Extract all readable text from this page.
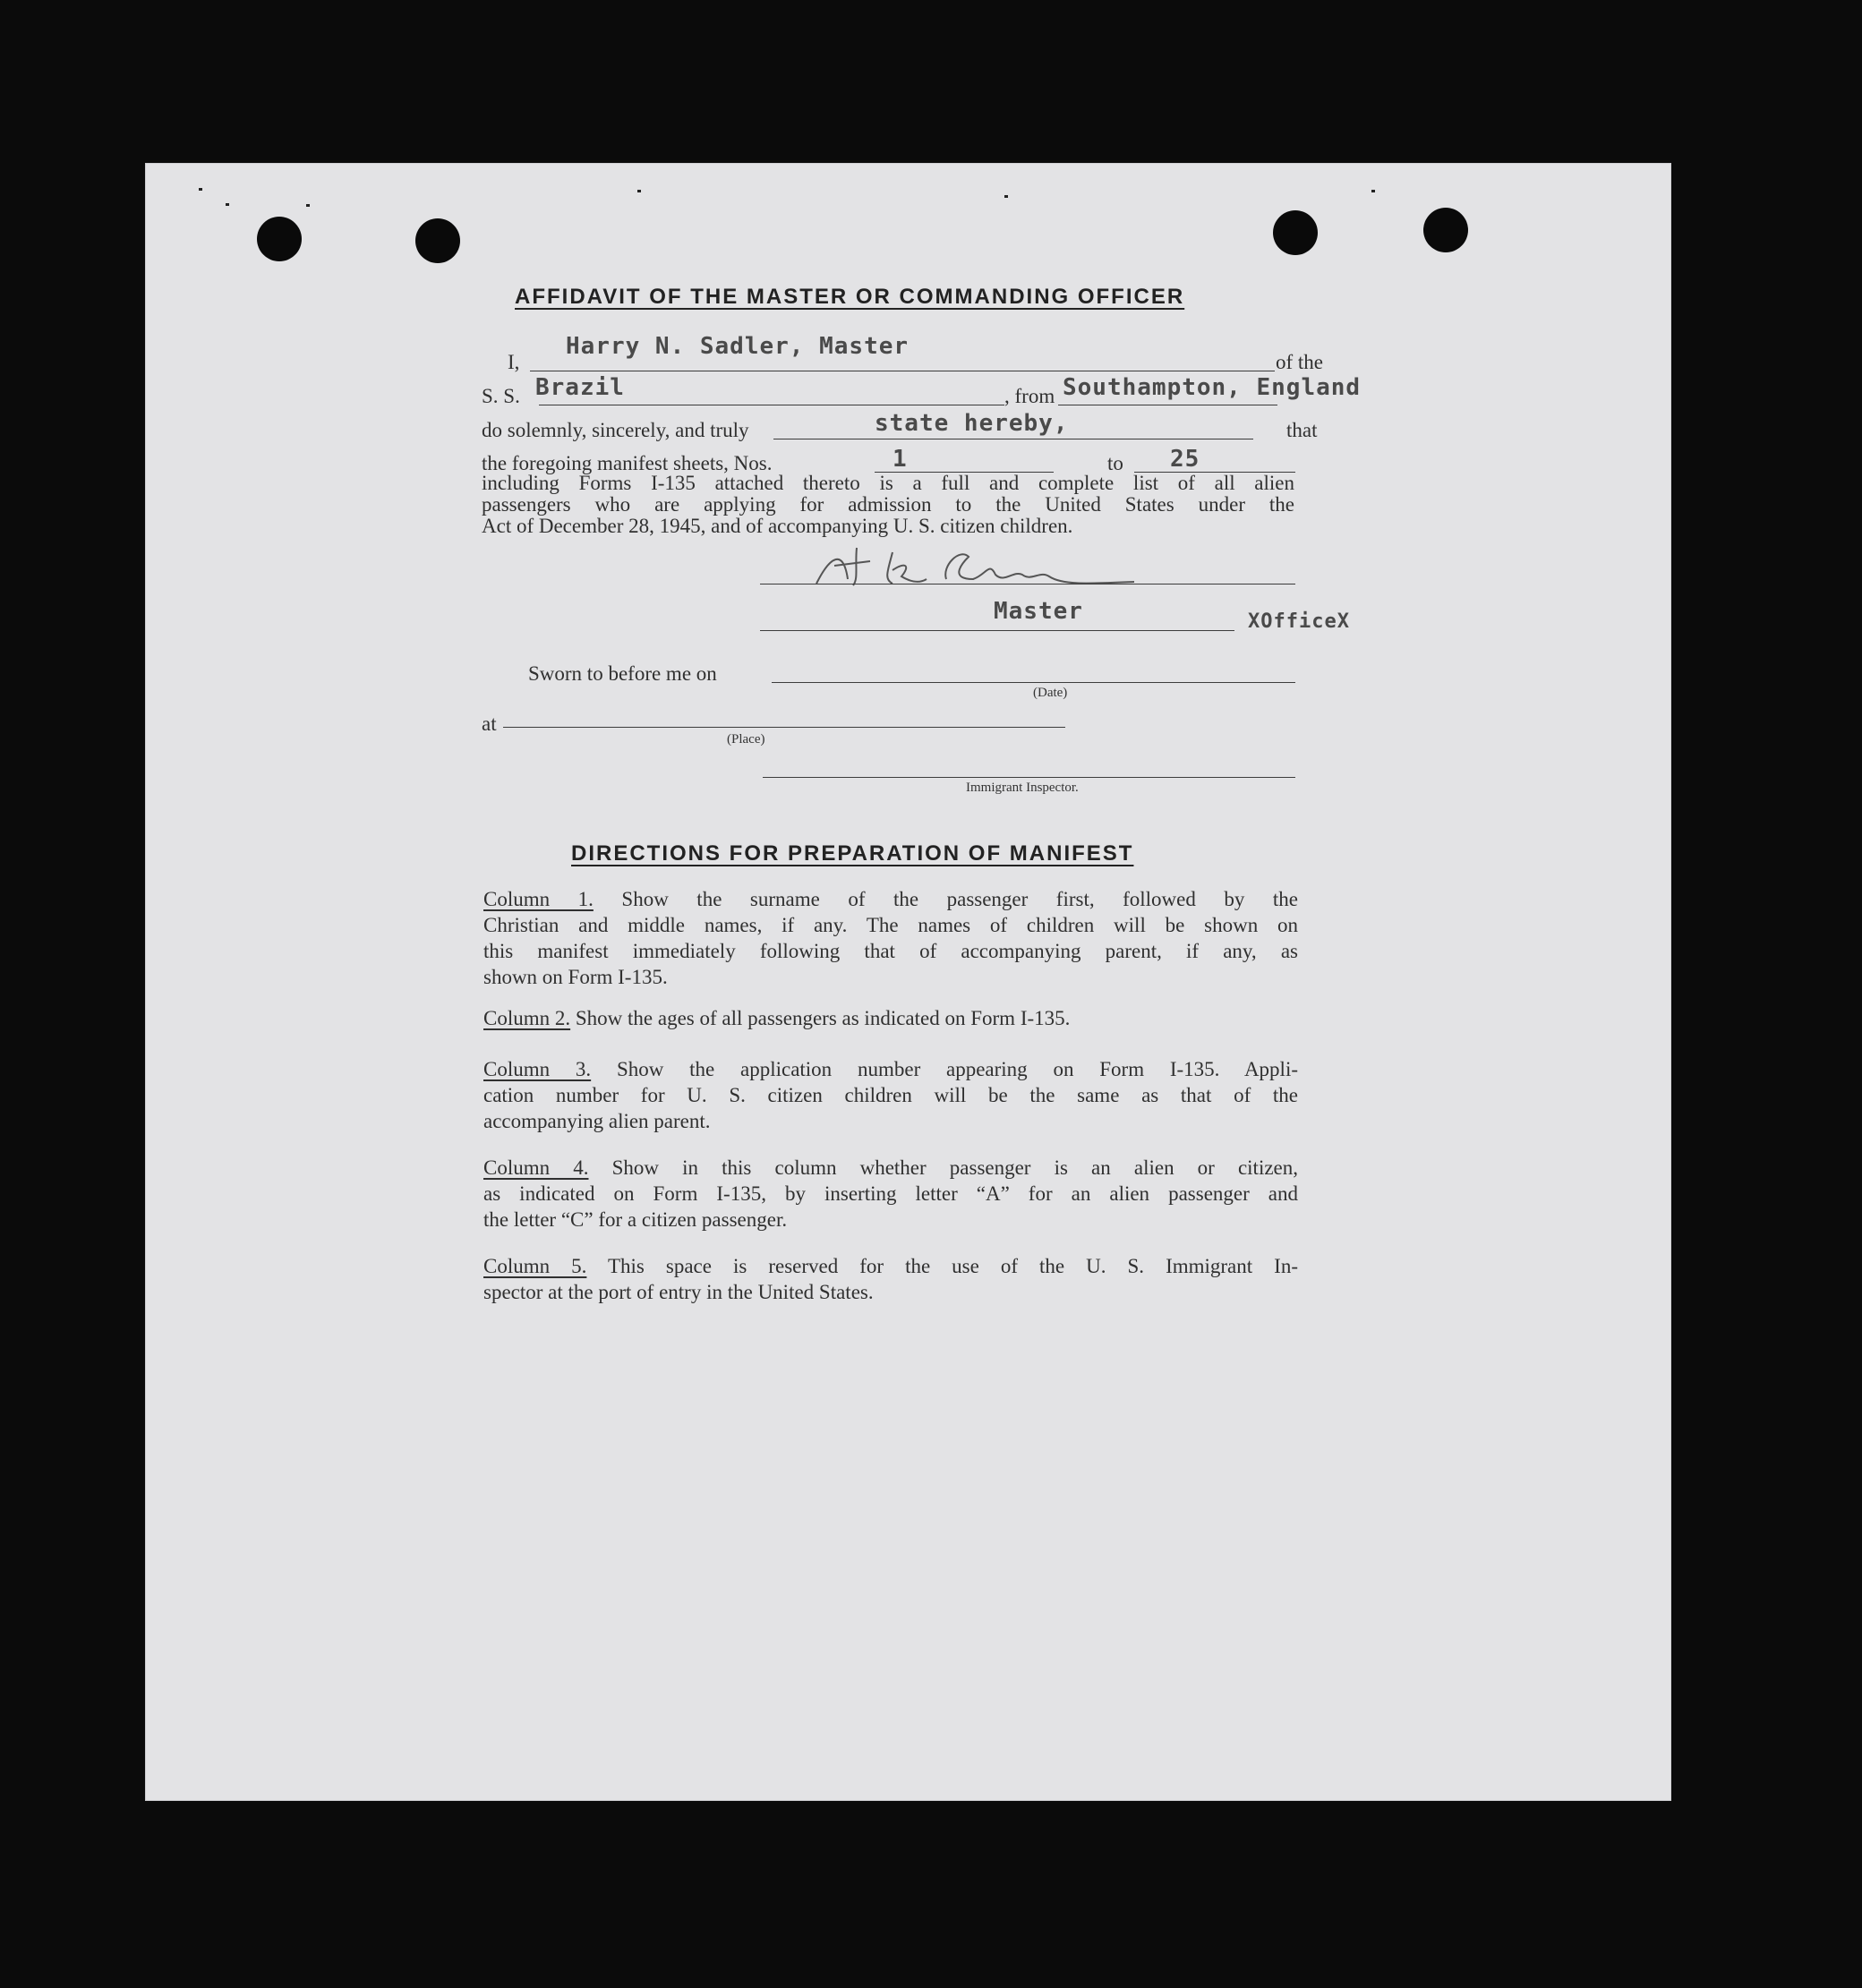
AFFIDAVIT OF THE MASTER OR COMMANDING OFFICER
I,
Harry N. Sadler, Master
of the
S. S. Brazil	, from Southampton, England
do solemnly, sincerely, and truly	state hereby,	that
the foregoing manifest sheets, Nos.	1	to 25
including Forms I-135 attached thereto is a full and complete list of all alien
passengers who are applying for admission to the United States under the
Act of December 28, 1945, and of accompanying U. S. citizen children.
Master	XOfficeX
Sworn to before me on
(Date)
at
(Place)
Immigrant Inspector.
DIRECTIONS FOR PREPARATION OF MANIFEST
Column 1. Show the surname of the passenger first, followed by the
Christian and middle names, if any. The names of children will be shown on
this manifest immediately following that of accompanying parent, if any, as
shown on Form I-135.
Column 2. Show the ages of all passengers as indicated on Form I-135.
Column 3. Show the application number appearing on Form I-135. Appli-
cation number for U. S. citizen children will be the same as that of the
accompanying alien parent.
Column 4. Show in this column whether passenger is an alien or citizen,
as indicated on Form I-135, by inserting letter “A” for an alien passenger and
the letter “C” for a citizen passenger.
Column 5. This space is reserved for the use of the U. S. Immigrant In-
spector at the port of entry in the United States.
